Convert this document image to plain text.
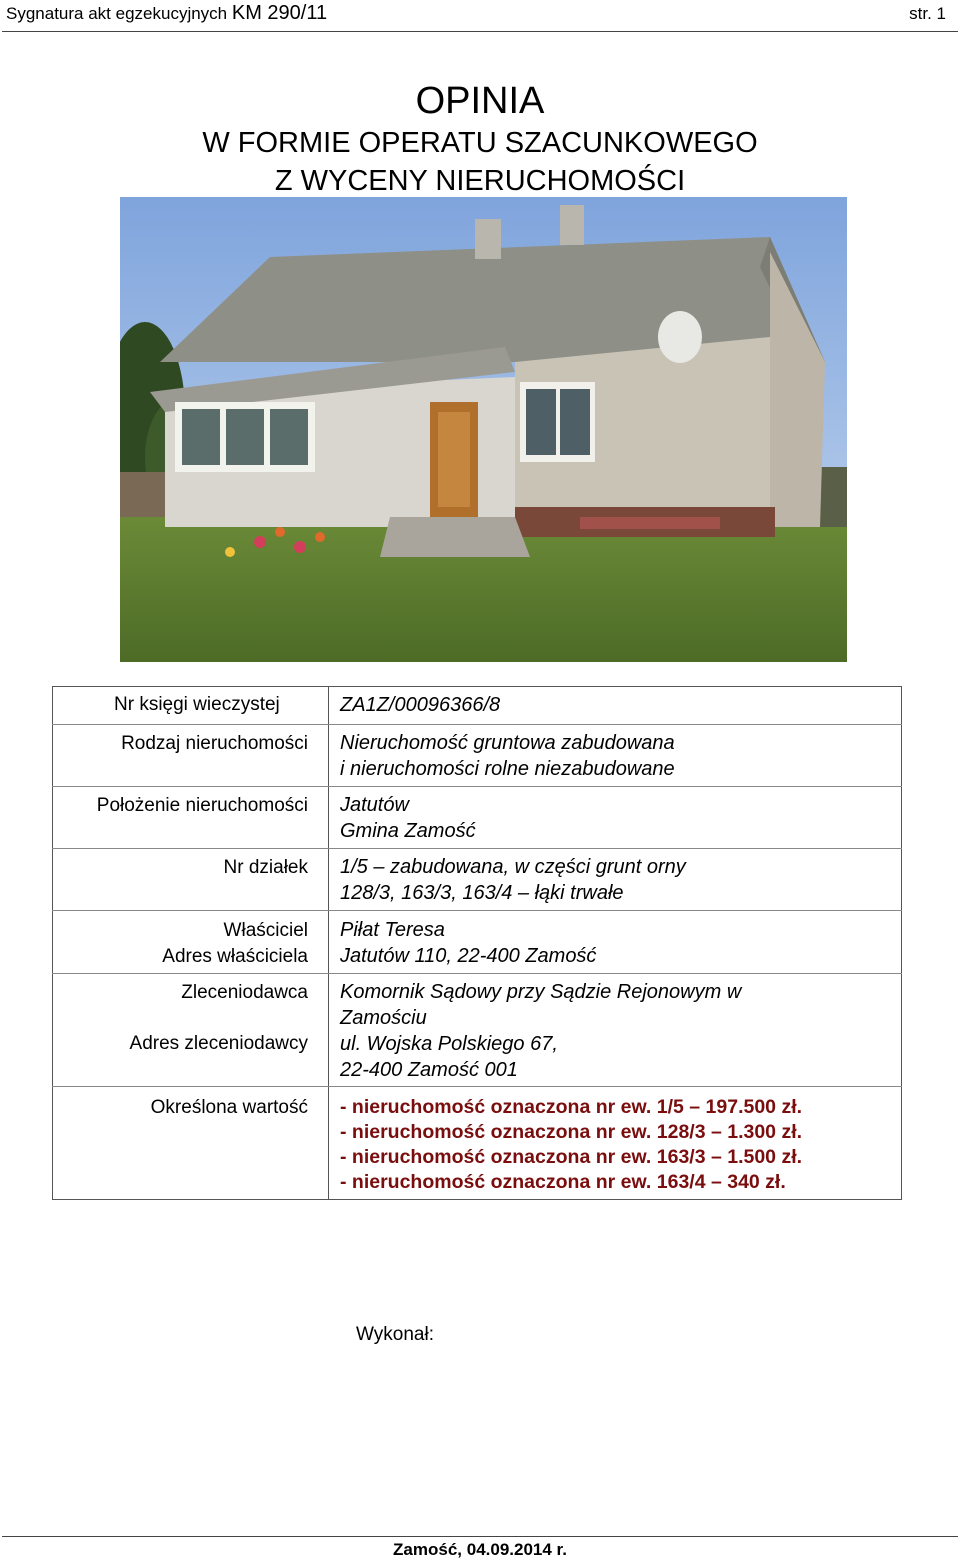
Sygnatura akt egzekucyjnych KM 290/11	str. 1
OPINIA
W FORMIE OPERATU SZACUNKOWEGO
Z WYCENY NIERUCHOMOŚCI
Nr księgi wieczystej	ZA1Z/00096366/8
Rodzaj nieruchomości Nieruchomość gruntowa zabudowana
i nieruchomości rolne niezabudowane
Położenie nieruchomości Jatutów
Gmina Zamość
Nr działek 1/5 – zabudowana, w części grunt orny
128/3, 163/3, 163/4 – łąki trwałe
Właściciel
Adres właściciela
Piłat Teresa
Jatutów 110, 22-400 Zamość
Zleceniodawca
Adres zleceniodawcy
Komornik Sądowy przy Sądzie Rejonowym w
Zamościu
ul. Wojska Polskiego 67,
22-400 Zamość 001
Określona wartość - nieruchomość oznaczona nr ew. 1/5 – 197.500 zł.
- nieruchomość oznaczona nr ew. 128/3 – 1.300 zł.
- nieruchomość oznaczona nr ew. 163/3 – 1.500 zł.
- nieruchomość oznaczona nr ew. 163/4 – 340 zł.
Wykonał:
Zamość, 04.09.2014 r.
